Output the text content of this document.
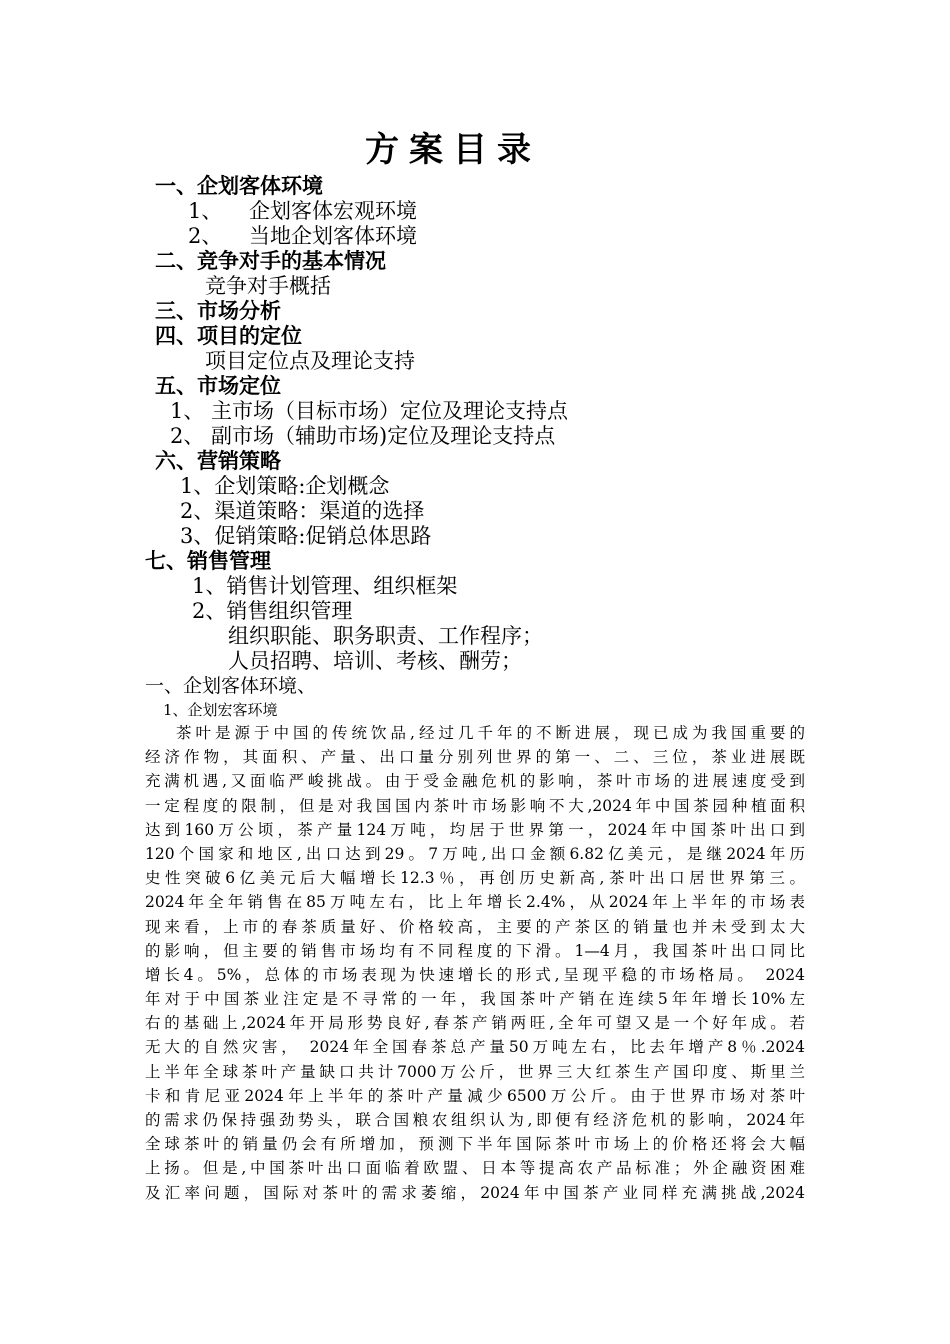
方案目录
一、企划客体环境
1、    企划客体宏观环境
2、    当地企划客体环境
二、竞争对手的基本情况
竞争对手概括
三、市场分析
四、项目的定位
项目定位点及理论支持
五、市场定位
1、 主市场（目标市场）定位及理论支持点
2、 副市场（辅助市场)定位及理论支持点
六、营销策略
1、企划策略:企划概念
2、渠道策略：渠道的选择
3、促销策略:促销总体思路
七、销售管理
1、销售计划管理、组织框架
2、销售组织管理
组织职能、职务职责、工作程序；
人员招聘、培训、考核、酬劳；
一、企划客体环境、
1、企划宏客环境
茶叶是源于中国的传统饮品,经过几千年的不断进展，现已成为我国重要的
经济作物，其面积、产量、出口量分别列世界的第一、二、三位，茶业进展既
充满机遇,又面临严峻挑战。由于受金融危机的影响，茶叶市场的进展速度受到
一定程度的限制，但是对我国国内茶叶市场影响不大,2024年中国茶园种植面积
达到160万公顷，茶产量124万吨，均居于世界第一，2024年中国茶叶出口到
120个国家和地区,出口达到29。7万吨,出口金额6.82亿美元，是继2024年历
史性突破6亿美元后大幅增长12.3％，再创历史新高,茶叶出口居世界第三。
2024年全年销售在85万吨左右，比上年增长2.4%，从2024年上半年的市场表
现来看，上市的春茶质量好、价格较高，主要的产茶区的销量也并未受到太大
的影响，但主要的销售市场均有不同程度的下滑。1—4月，我国茶叶出口同比
增长4。5%，总体的市场表现为快速增长的形式,呈现平稳的市场格局。 2024
年对于中国茶业注定是不寻常的一年，我国茶叶产销在连续5年年增长10%左
右的基础上,2024年开局形势良好,春茶产销两旺,全年可望又是一个好年成。若
无大的自然灾害， 2024年全国春茶总产量50万吨左右，比去年增产8％.2024
上半年全球茶叶产量缺口共计7000万公斤，世界三大红茶生产国印度、斯里兰
卡和肯尼亚2024年上半年的茶叶产量减少6500万公斤。由于世界市场对茶叶
的需求仍保持强劲势头，联合国粮农组织认为,即便有经济危机的影响，2024年
全球茶叶的销量仍会有所增加，预测下半年国际茶叶市场上的价格还将会大幅
上扬。但是,中国茶叶出口面临着欧盟、日本等提高农产品标准；外企融资困难
及汇率问题，国际对茶叶的需求萎缩，2024年中国茶产业同样充满挑战,2024
